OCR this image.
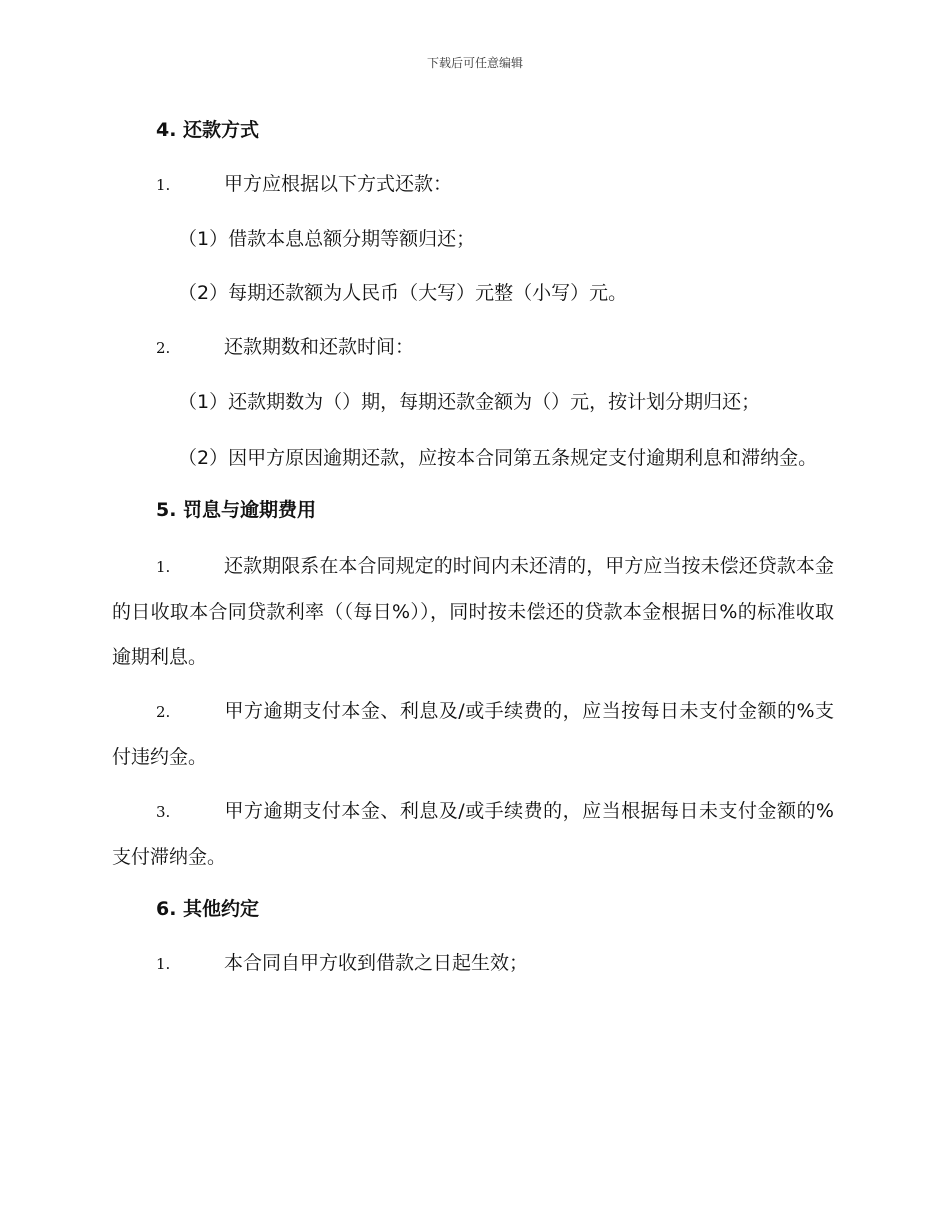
下载后可任意编辑
4. 还款方式
1.	甲方应根据以下方式还款：
（1）借款本息总额分期等额归还；
（2）每期还款额为人民币（大写）元整（小写）元。
2.	还款期数和还款时间：
（1）还款期数为（）期，每期还款金额为（）元，按计划分期归还；
（2）因甲方原因逾期还款，应按本合同第五条规定支付逾期利息和滞纳金。
5. 罚息与逾期费用
1.	还款期限系在本合同规定的时间内未还清的，甲方应当按未偿还贷款本金的日收取本合同贷款利率（（每日%）），同时按未偿还的贷款本金根据日%的标准收取逾期利息。
2.	甲方逾期支付本金、利息及/或手续费的，应当按每日未支付金额的%支付违约金。
3.	甲方逾期支付本金、利息及/或手续费的，应当根据每日未支付金额的%支付滞纳金。
6. 其他约定
1.	本合同自甲方收到借款之日起生效；
